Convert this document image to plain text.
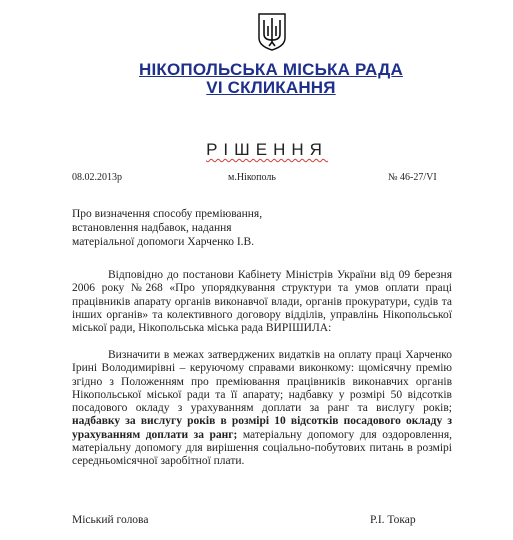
НІКОПОЛЬСЬКА МІСЬКА РАДА
VI СКЛИКАННЯ
РІШЕННЯ
08.02.2013р	м.Нікополь	№ 46-27/VI
Про визначення способу преміювання,
встановлення надбавок, надання
матеріальної допомоги Харченко І.В.
Відповідно до постанови Кабінету Міністрів України від 09 березня 2006 року №268 «Про упорядкування структури та умов оплати праці працівників апарату органів виконавчої влади, органів прокуратури, судів та інших органів» та колективного договору відділів, управлінь Нікопольської міської ради, Нікопольська міська рада ВИРІШИЛА:
Визначити в межах затверджених видатків на оплату праці Харченко Ірині Володимирівні – керуючому справами виконкому: щомісячну премію згідно з Положенням про преміювання працівників виконавчих органів Нікопольської міської ради та її апарату; надбавку у розмірі 50 відсотків посадового окладу з урахуванням доплати за ранг та вислугу років; надбавку за вислугу років в розмірі 10 відсотків посадового окладу з урахуванням доплати за ранг; матеріальну допомогу для оздоровлення, матеріальну допомогу для вирішення соціально-побутових питань в розмірі середньомісячної заробітної плати.
Міський голова	Р.І. Токар
